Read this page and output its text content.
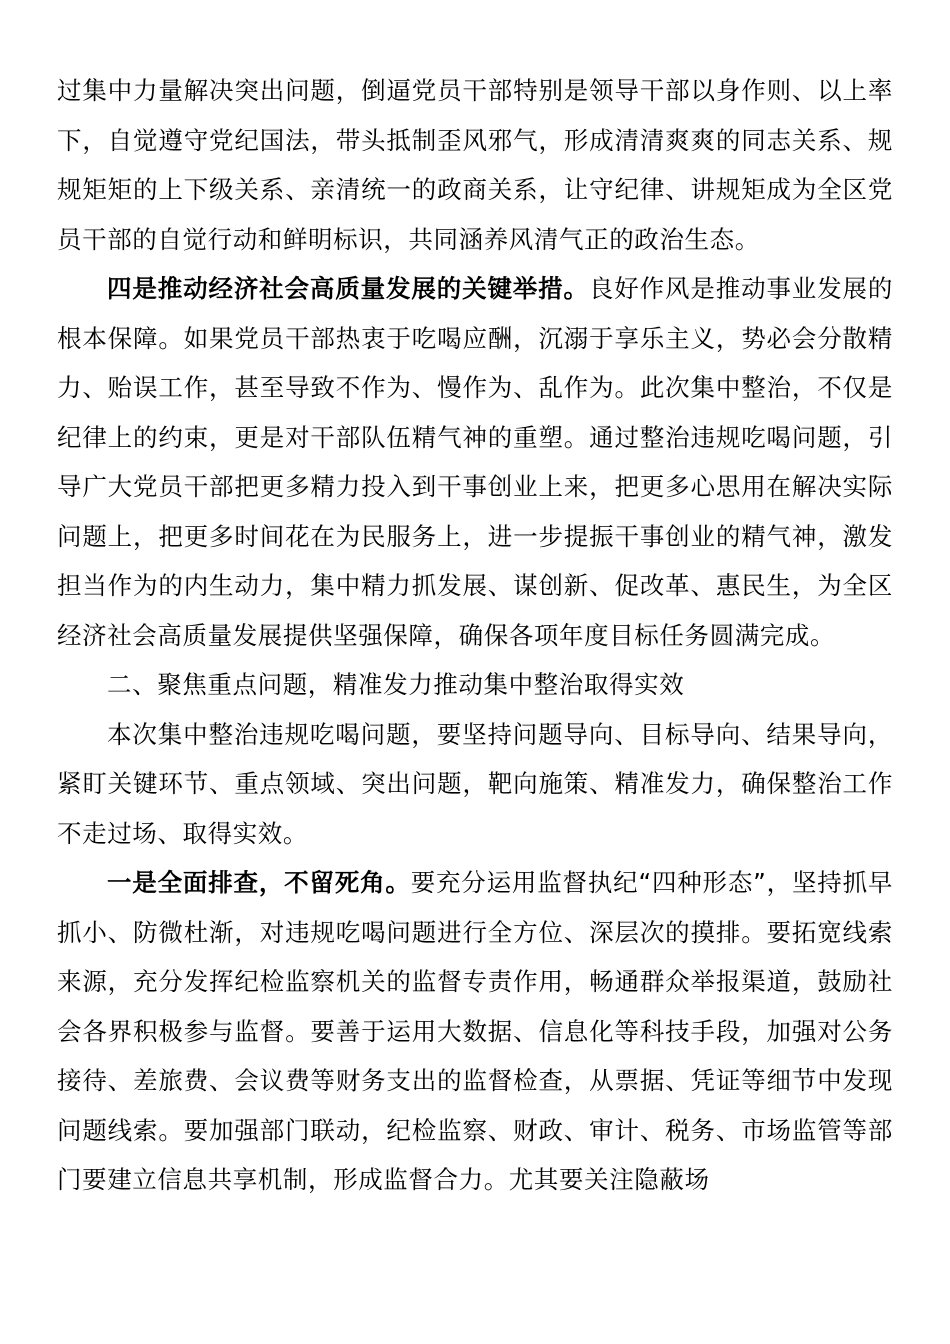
过集中力量解决突出问题，倒逼党员干部特别是领导干部以身作则、以上率下，自觉遵守党纪国法，带头抵制歪风邪气，形成清清爽爽的同志关系、规规矩矩的上下级关系、亲清统一的政商关系，让守纪律、讲规矩成为全区党员干部的自觉行动和鲜明标识，共同涵养风清气正的政治生态。

四是推动经济社会高质量发展的关键举措。良好作风是推动事业发展的根本保障。如果党员干部热衷于吃喝应酬，沉溺于享乐主义，势必会分散精力、贻误工作，甚至导致不作为、慢作为、乱作为。此次集中整治，不仅是纪律上的约束，更是对干部队伍精气神的重塑。通过整治违规吃喝问题，引导广大党员干部把更多精力投入到干事创业上来，把更多心思用在解决实际问题上，把更多时间花在为民服务上，进一步提振干事创业的精气神，激发担当作为的内生动力，集中精力抓发展、谋创新、促改革、惠民生，为全区经济社会高质量发展提供坚强保障，确保各项年度目标任务圆满完成。

二、聚焦重点问题，精准发力推动集中整治取得实效

本次集中整治违规吃喝问题，要坚持问题导向、目标导向、结果导向，紧盯关键环节、重点领域、突出问题，靶向施策、精准发力，确保整治工作不走过场、取得实效。

一是全面排查，不留死角。要充分运用监督执纪“四种形态”，坚持抓早抓小、防微杜渐，对违规吃喝问题进行全方位、深层次的摸排。要拓宽线索来源，充分发挥纪检监察机关的监督专责作用，畅通群众举报渠道，鼓励社会各界积极参与监督。要善于运用大数据、信息化等科技手段，加强对公务接待、差旅费、会议费等财务支出的监督检查，从票据、凭证等细节中发现问题线索。要加强部门联动，纪检监察、财政、审计、税务、市场监管等部门要建立信息共享机制，形成监督合力。尤其要关注隐蔽场
